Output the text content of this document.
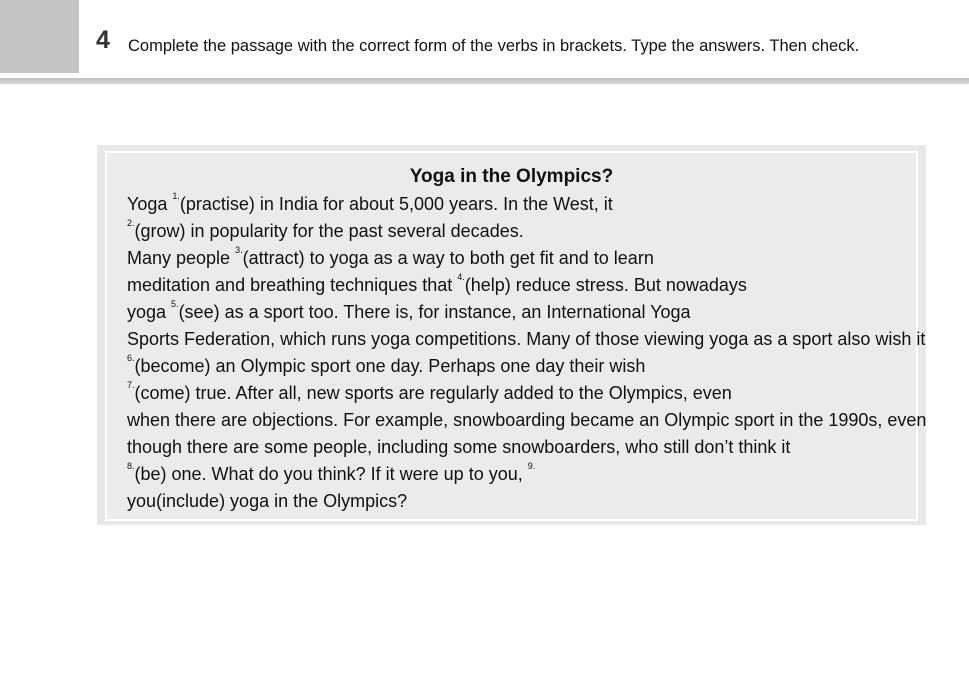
4 Complete the passage with the correct form of the verbs in brackets. Type the answers. Then check.
Yoga in the Olympics?
Yoga $^{1.}$(practise) in India for about 5,000 years. In the West, it
$^{2.}$(grow) in popularity for the past several decades.
Many people $^{3.}$(attract) to yoga as a way to both get fit and to learn
meditation and breathing techniques that $^{4.}$(help) reduce stress. But nowadays
yoga $^{5.}$(see) as a sport too. There is, for instance, an International Yoga
Sports Federation, which runs yoga competitions. Many of those viewing yoga as a sport also wish it
$^{6.}$(become) an Olympic sport one day. Perhaps one day their wish
$^{7.}$(come) true. After all, new sports are regularly added to the Olympics, even
when there are objections. For example, snowboarding became an Olympic sport in the 1990s, even
though there are some people, including some snowboarders, who still don’t think it
$^{8.}$(be) one. What do you think? If it were up to you, $^{9.}$
you(include) yoga in the Olympics?
